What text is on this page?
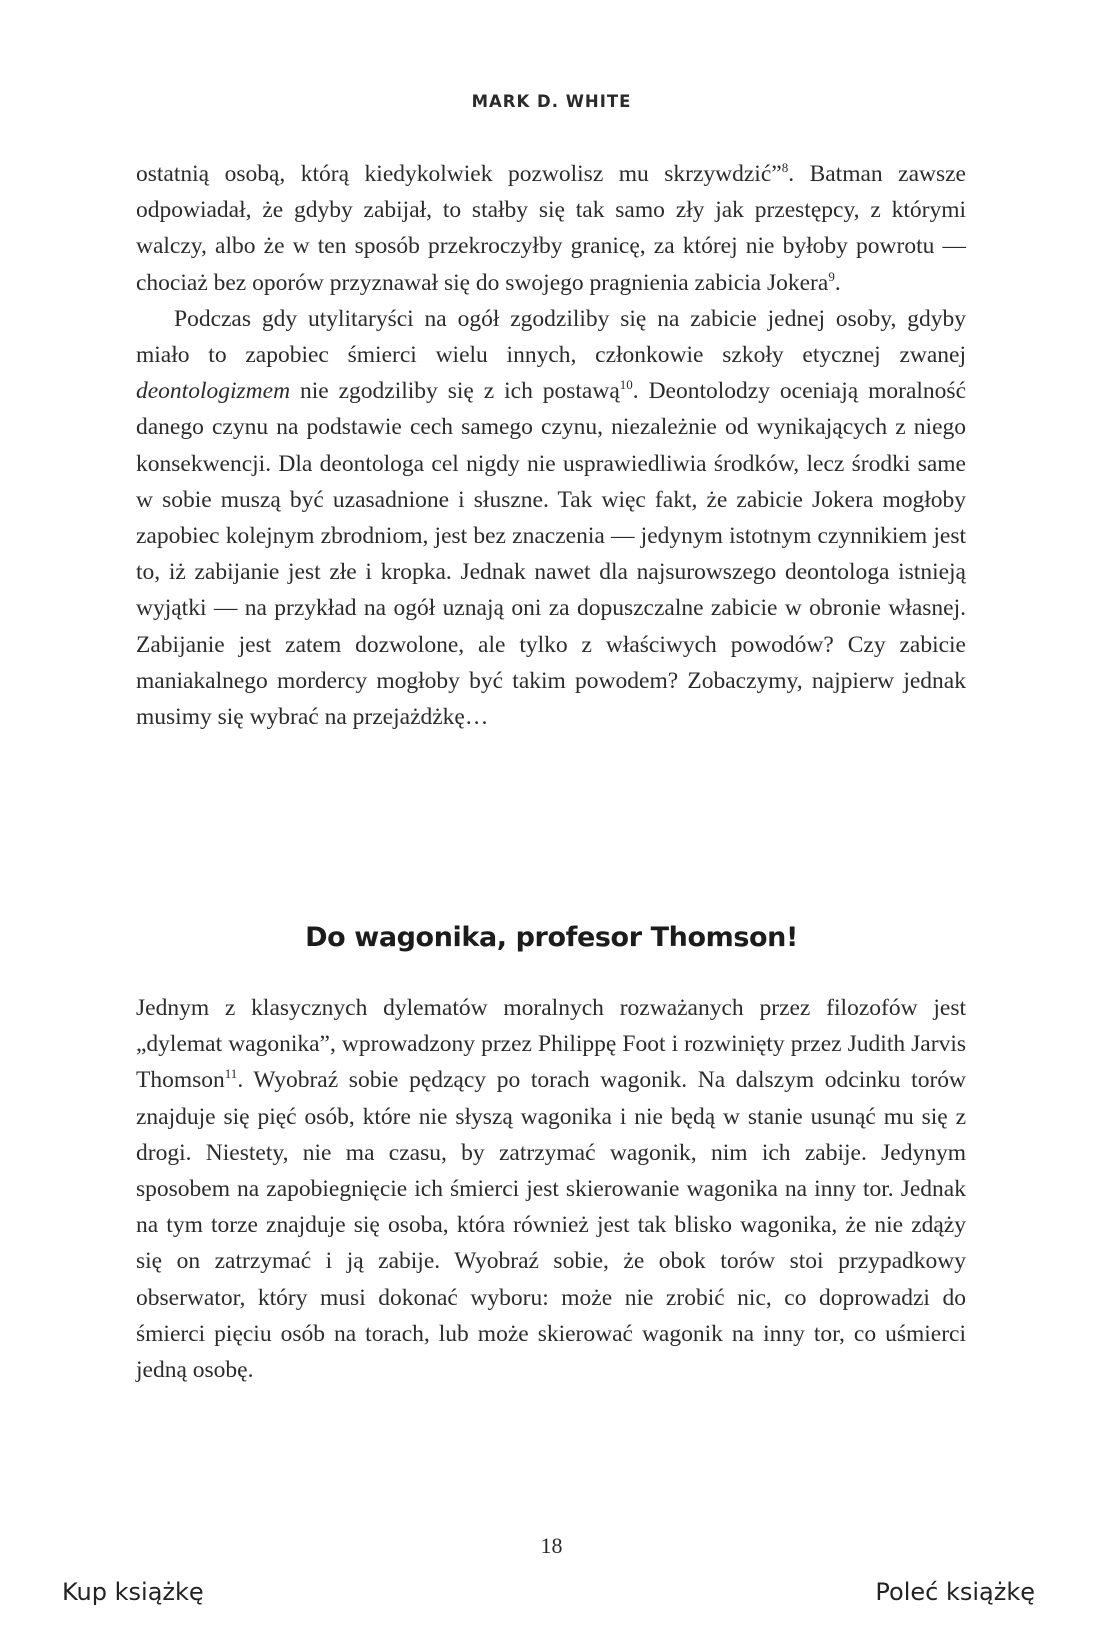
MARK D. WHITE

ostatnią osobą, którą kiedykolwiek pozwolisz mu skrzywdzić”$^8$. Batman zawsze odpowiadał, że gdyby zabijał, to stałby się tak samo zły jak przestępcy, z którymi walczy, albo że w ten sposób przekroczyłby granicę, za której nie byłoby powrotu — chociaż bez oporów przyznawał się do swojego pragnienia zabicia Jokera$^9$.

Podczas gdy utylitaryści na ogół zgodziliby się na zabicie jednej osoby, gdyby miało to zapobiec śmierci wielu innych, członkowie szkoły etycznej zwanej deontologizmem nie zgodziliby się z ich postawą$^{10}$. Deontolodzy oceniają moralność danego czynu na podstawie cech samego czynu, niezależnie od wynikających z niego konsekwencji. Dla deontologa cel nigdy nie usprawiedliwia środków, lecz środki same w sobie muszą być uzasadnione i słuszne. Tak więc fakt, że zabicie Jokera mogłoby zapobiec kolejnym zbrodniom, jest bez znaczenia — jedynym istotnym czynnikiem jest to, iż zabijanie jest złe i kropka. Jednak nawet dla najsurowszego deontologa istnieją wyjątki — na przykład na ogół uznają oni za dopuszczalne zabicie w obronie własnej. Zabijanie jest zatem dozwolone, ale tylko z właściwych powodów? Czy zabicie maniakalnego mordercy mogłoby być takim powodem? Zobaczymy, najpierw jednak musimy się wybrać na przejażdżkę…

Do wagonika, profesor Thomson!

Jednym z klasycznych dylematów moralnych rozważanych przez filozofów jest „dylemat wagonika”, wprowadzony przez Philippę Foot i rozwinięty przez Judith Jarvis Thomson$^{11}$. Wyobraź sobie pędzący po torach wagonik. Na dalszym odcinku torów znajduje się pięć osób, które nie słyszą wagonika i nie będą w stanie usunąć mu się z drogi. Niestety, nie ma czasu, by zatrzymać wagonik, nim ich zabije. Jedynym sposobem na zapobiegnięcie ich śmierci jest skierowanie wagonika na inny tor. Jednak na tym torze znajduje się osoba, która również jest tak blisko wagonika, że nie zdąży się on zatrzymać i ją zabije. Wyobraź sobie, że obok torów stoi przypadkowy obserwator, który musi dokonać wyboru: może nie zrobić nic, co doprowadzi do śmierci pięciu osób na torach, lub może skierować wagonik na inny tor, co uśmierci jedną osobę.

18
Kup książkę	Poleć książkę
